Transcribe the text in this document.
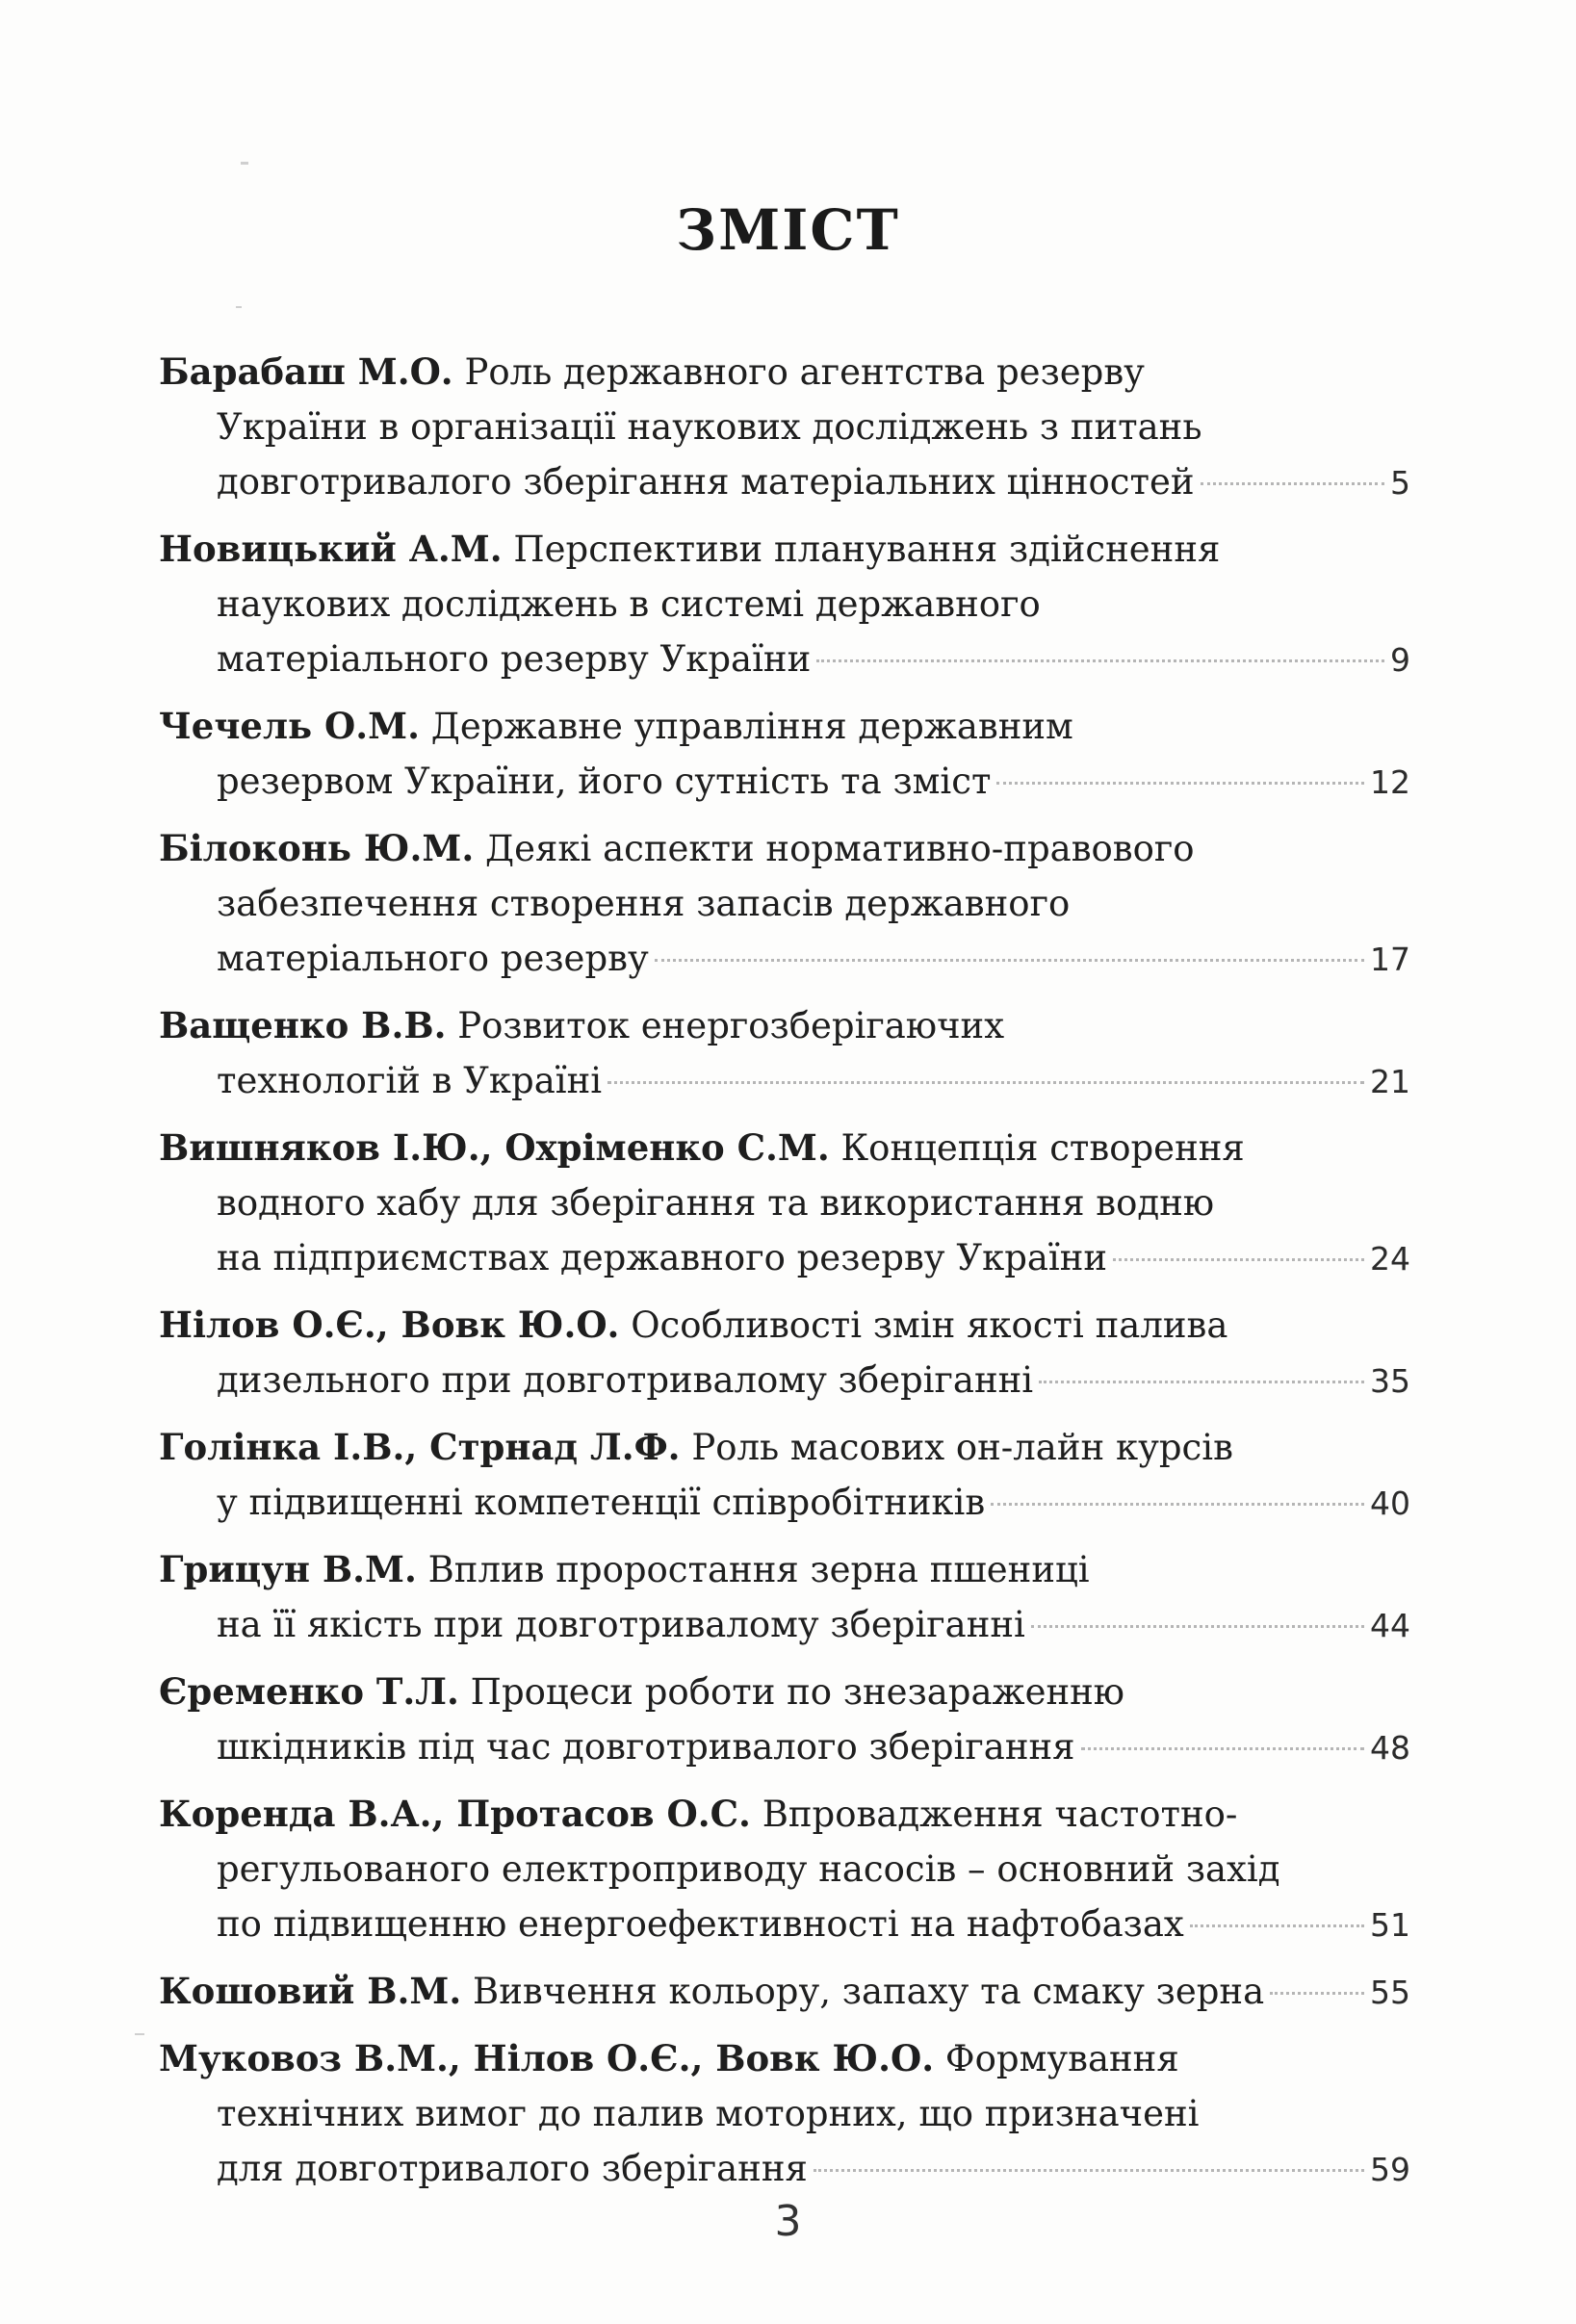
ЗМІСТ
Барабаш М.О. Роль державного агентства резерву
України в організації наукових досліджень з питань
довготривалого зберігання матеріальних цінностей	5
Новицький А.М. Перспективи планування здійснення
наукових досліджень в системі державного
матеріального резерву України	9
Чечель О.М. Державне управління державним
резервом України, його сутність та зміст	12
Білоконь Ю.М. Деякі аспекти нормативно-правового
забезпечення створення запасів державного
матеріального резерву	17
Ващенко В.В. Розвиток енергозберігаючих
технологій в Україні	21
Вишняков І.Ю., Охріменко С.М. Концепція створення
водного хабу для зберігання та використання водню
на підприємствах державного резерву України	24
Нілов О.Є., Вовк Ю.О. Особливості змін якості палива
дизельного при довготривалому зберіганні	35
Голінка І.В., Стрнад Л.Ф. Роль масових он-лайн курсів
у підвищенні компетенції співробітників	40
Грицун В.М. Вплив проростання зерна пшениці
на її якість при довготривалому зберіганні	44
Єременко Т.Л. Процеси роботи по знезараженню
шкідників під час довготривалого зберігання	48
Коренда В.А., Протасов О.С. Впровадження частотно-
регульованого електроприводу насосів – основний захід
по підвищенню енергоефективності на нафтобазах	51
Кошовий В.М. Вивчення кольору, запаху та смаку зерна	55
Муковоз В.М., Нілов О.Є., Вовк Ю.О. Формування
технічних вимог до палив моторних, що призначені
для довготривалого зберігання	59
3
